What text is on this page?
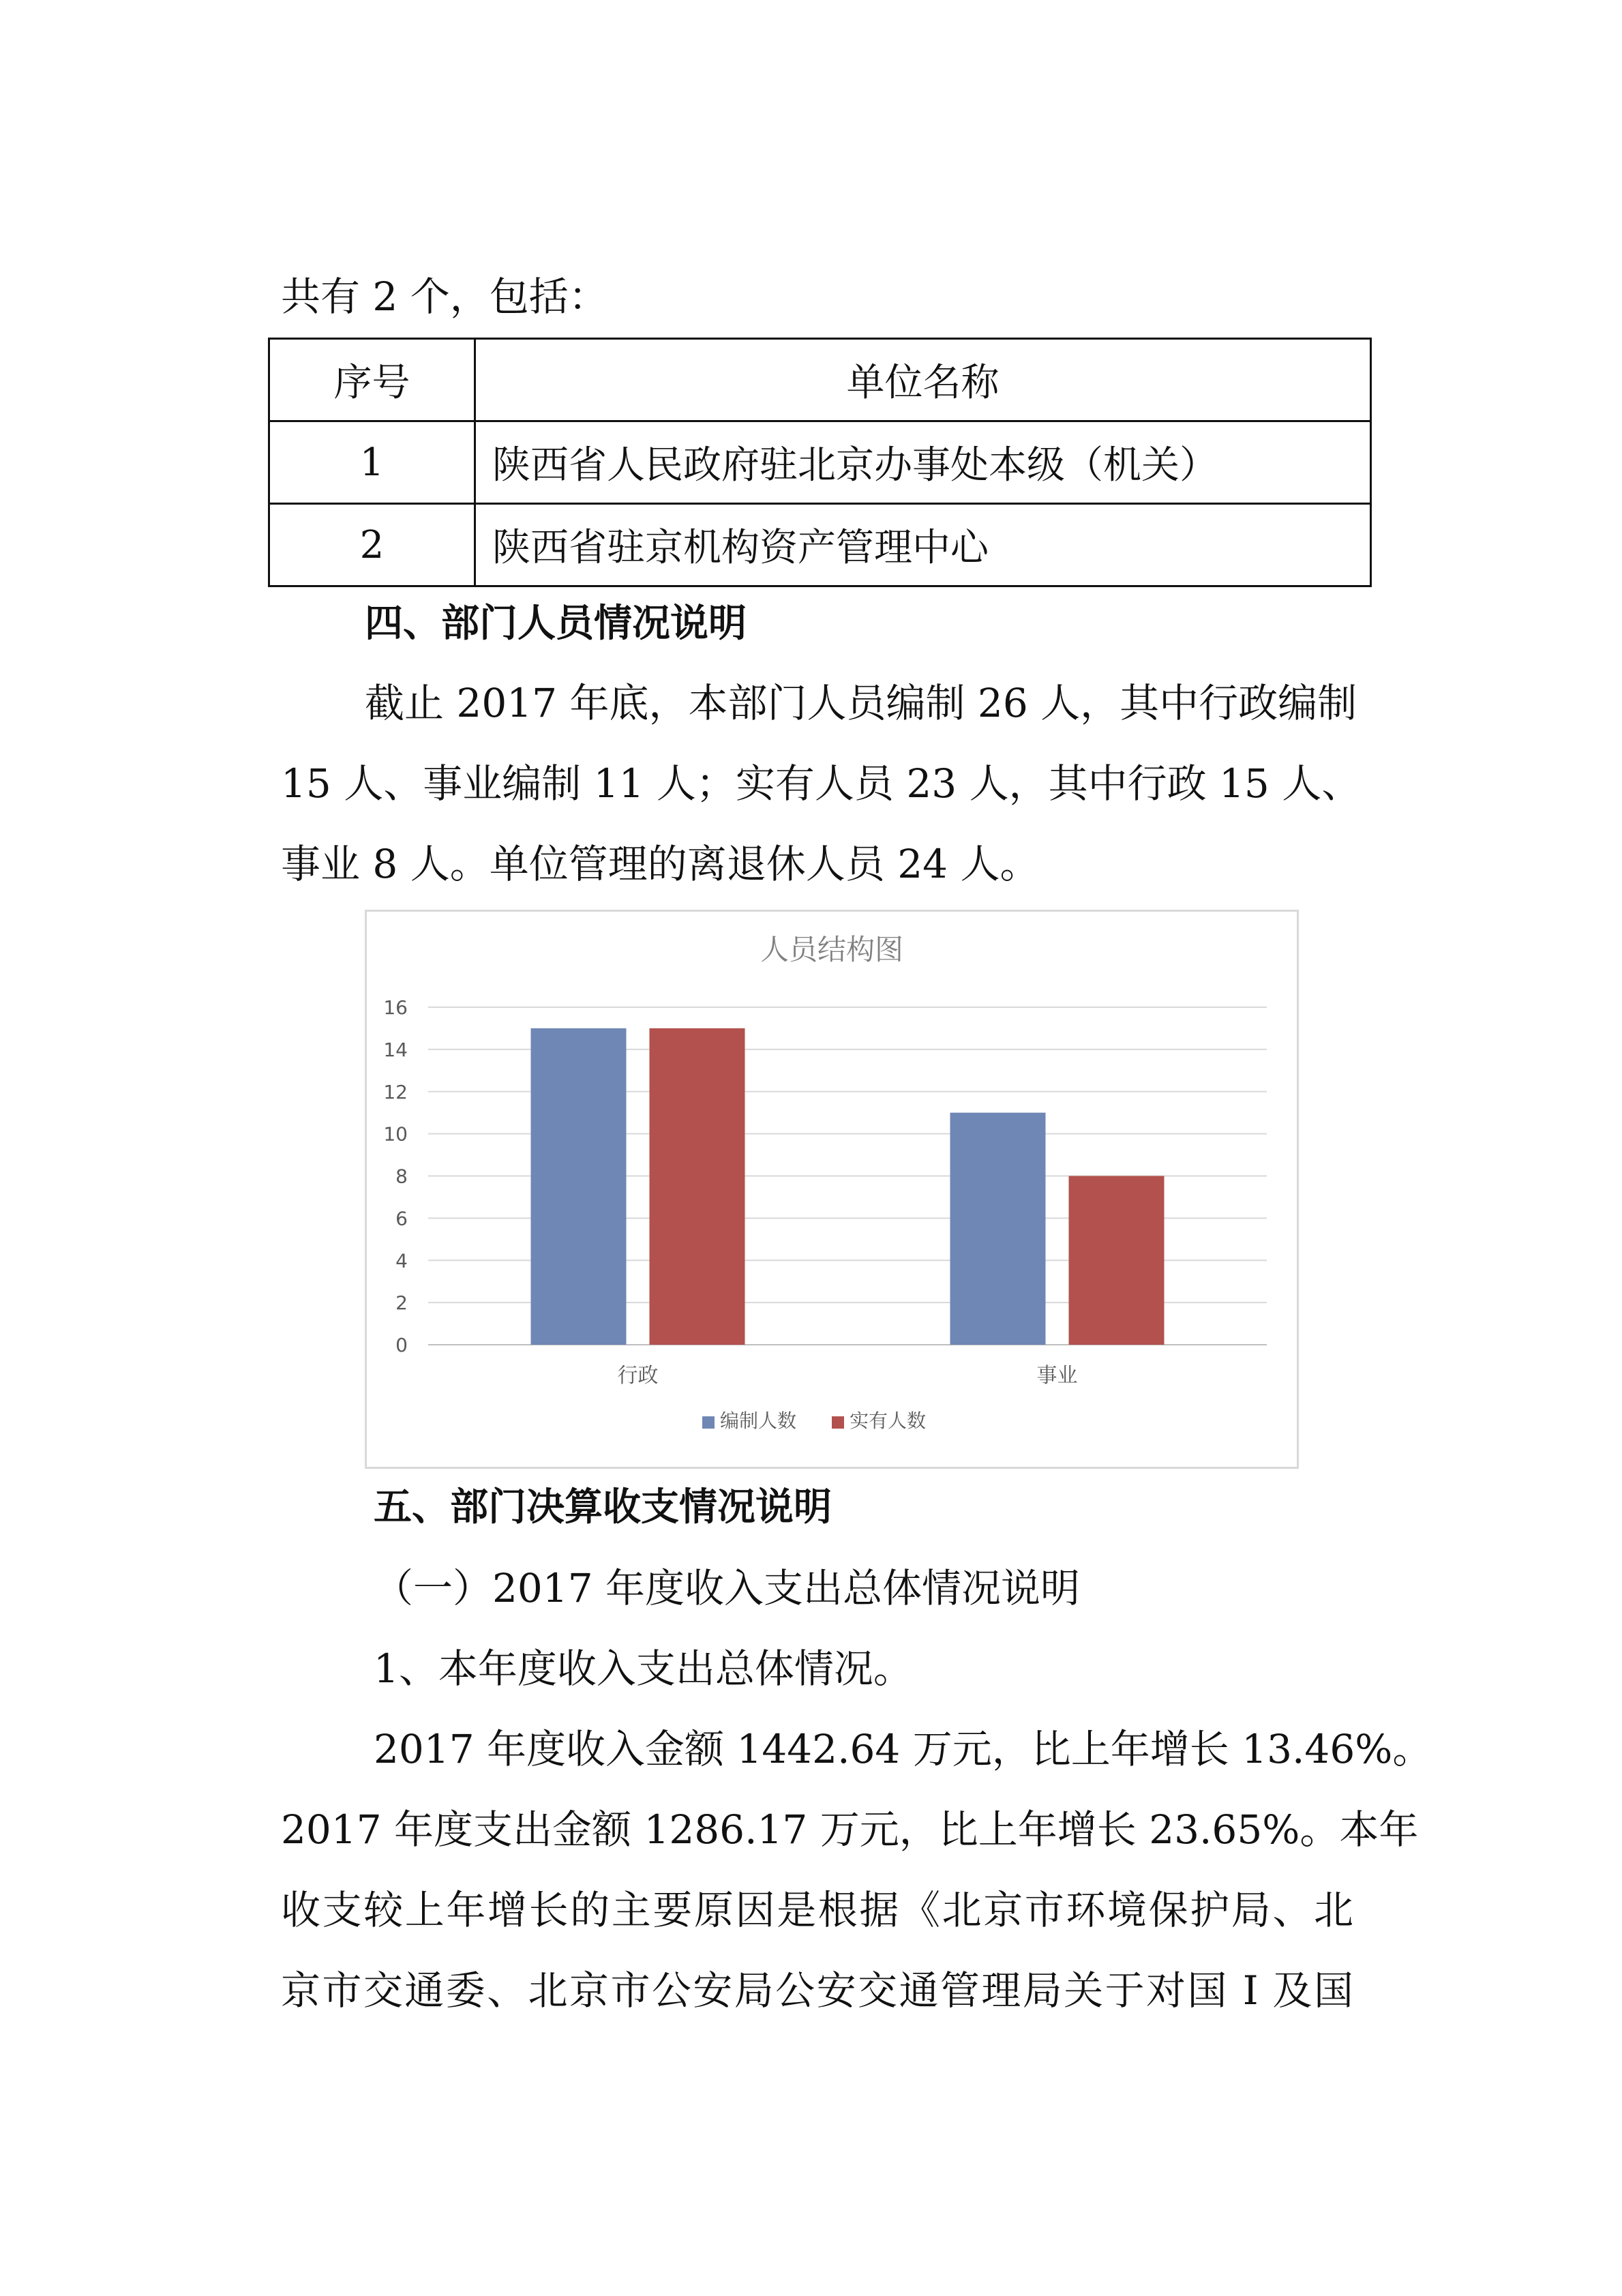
共有 2 个，包括：
序号	单位名称
1	陕西省人民政府驻北京办事处本级（机关）
2	陕西省驻京机构资产管理中心
四、部门人员情况说明
截止 2017 年底，本部门人员编制 26 人，其中行政编制
15 人、事业编制 11 人；实有人员 23 人，其中行政 15 人、
事业 8 人。单位管理的离退休人员 24 人。
人员结构图
0
2
4
6
8
10
12
14
16
行政	事业
编制人数	实有人数
五、部门决算收支情况说明
（一）2017 年度收入支出总体情况说明
1、本年度收入支出总体情况。
2017 年度收入金额 1442.64 万元，比上年增长 13.46%。
2017 年度支出金额 1286.17 万元，比上年增长 23.65%。本年
收支较上年增长的主要原因是根据《北京市环境保护局、北
京市交通委、北京市公安局公安交通管理局关于对国 I 及国
